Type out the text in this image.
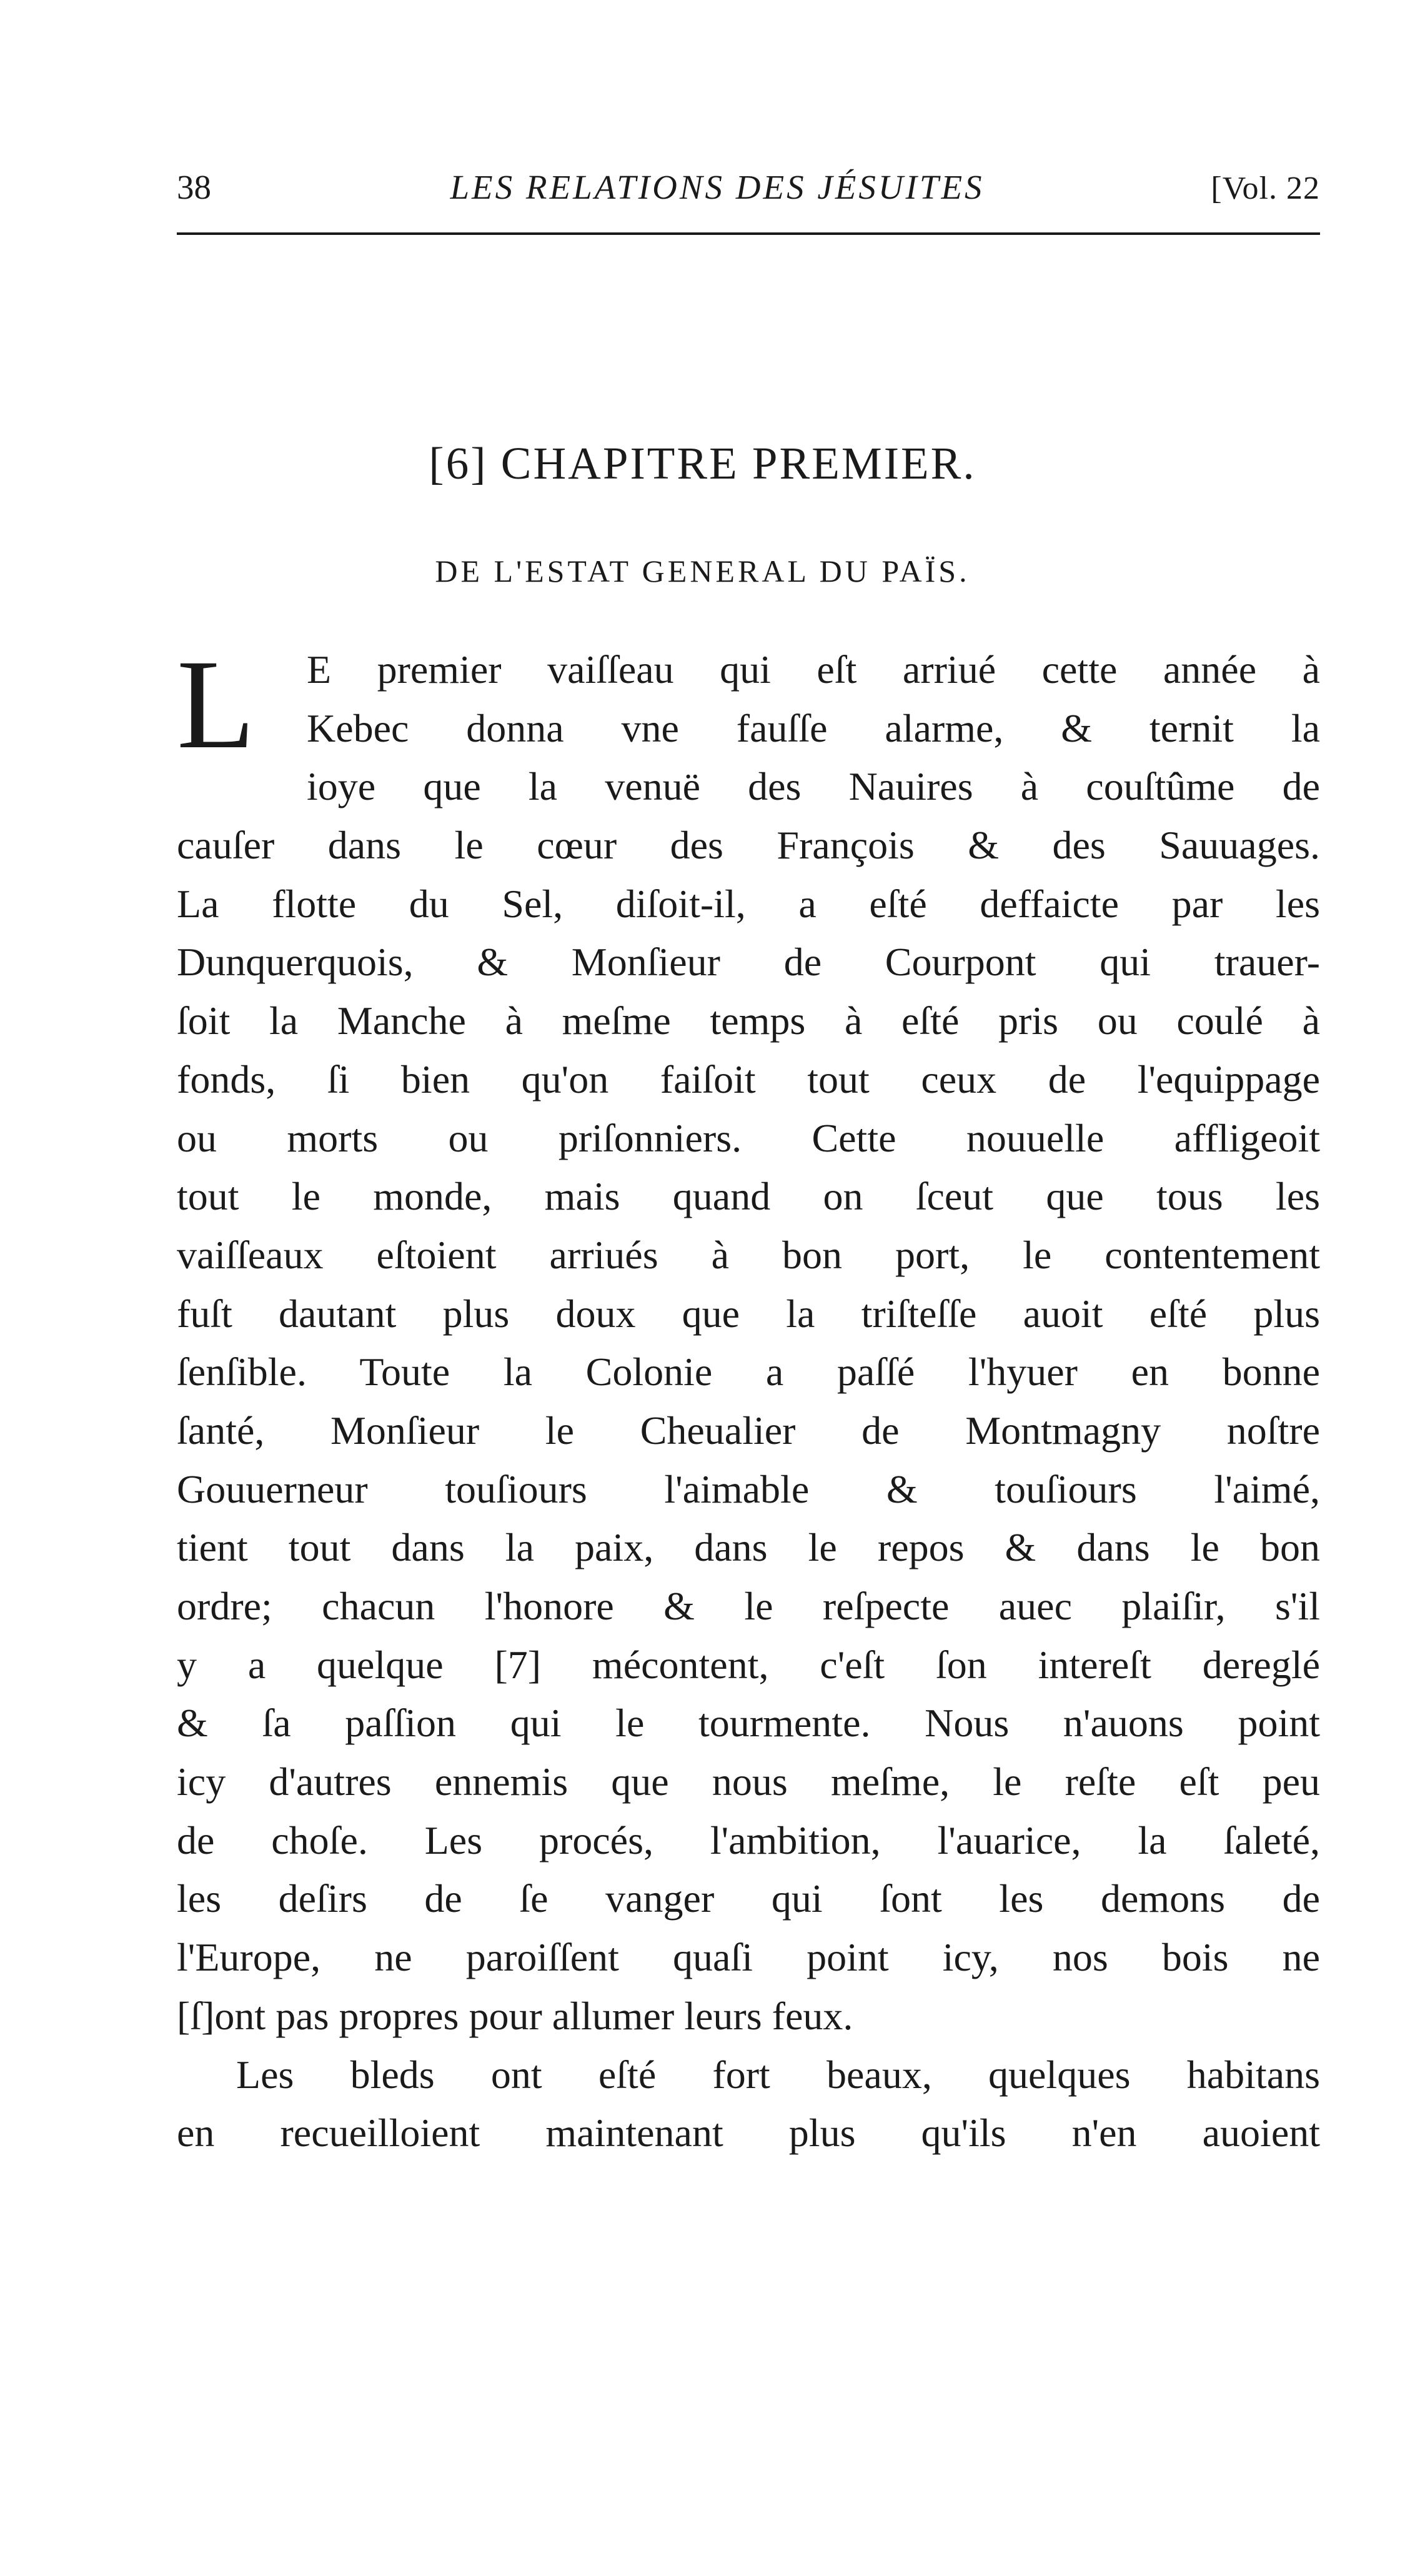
38	LES RELATIONS DES JÉSUITES	[Vol. 22
[6] CHAPITRE PREMIER.
DE L'ESTAT GENERAL DU PAÏS.
L E premier vaiſſeau qui eſt arriué cette année à
Kebec donna vne fauſſe alarme, & ternit la
ioye que la venuë des Nauires à couſtûme de
cauſer dans le cœur des François & des Sauuages.
La flotte du Sel, diſoit-il, a eſté deffaicte par les
Dunquerquois, & Monſieur de Courpont qui trauer-
ſoit la Manche à meſme temps à eſté pris ou coulé à
fonds, ſi bien qu'on faiſoit tout ceux de l'equippage
ou morts ou priſonniers. Cette nouuelle affligeoit
tout le monde, mais quand on ſceut que tous les
vaiſſeaux eſtoient arriués à bon port, le contentement
fuſt dautant plus doux que la triſteſſe auoit eſté plus
ſenſible. Toute la Colonie a paſſé l'hyuer en bonne
ſanté, Monſieur le Cheualier de Montmagny noſtre
Gouuerneur touſiours l'aimable & touſiours l'aimé,
tient tout dans la paix, dans le repos & dans le bon
ordre; chacun l'honore & le reſpecte auec plaiſir, s'il
y a quelque [7] mécontent, c'eſt ſon intereſt dereglé
& ſa paſſion qui le tourmente. Nous n'auons point
icy d'autres ennemis que nous meſme, le reſte eſt peu
de choſe. Les procés, l'ambition, l'auarice, la ſaleté,
les deſirs de ſe vanger qui ſont les demons de
l'Europe, ne paroiſſent quaſi point icy, nos bois ne
[ſ]ont pas propres pour allumer leurs feux.
Les bleds ont eſté fort beaux, quelques habitans
en recueilloient maintenant plus qu'ils n'en auoient
